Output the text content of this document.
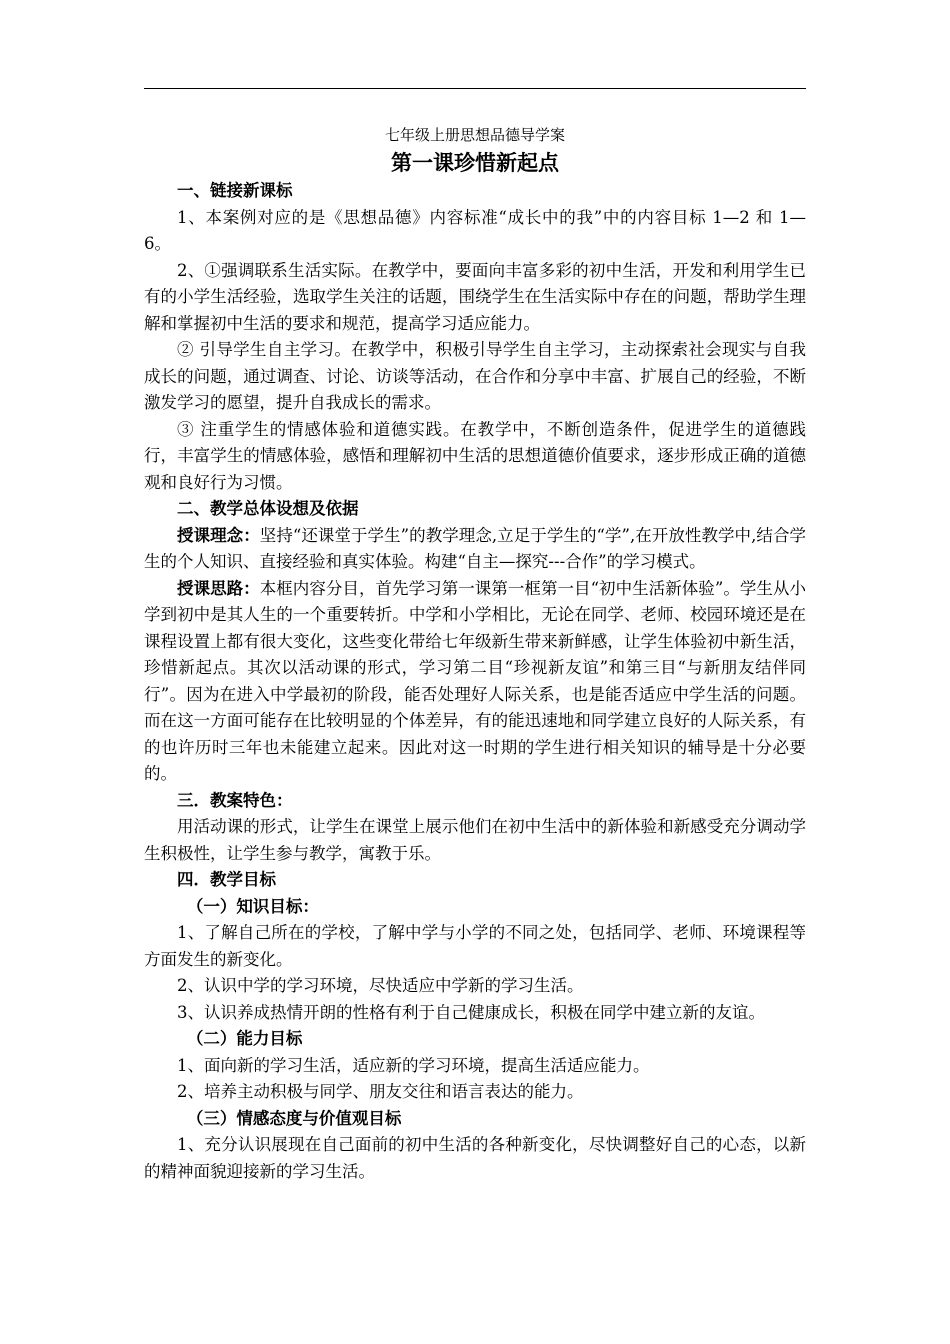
七年级上册思想品德导学案

第一课珍惜新起点

一、链接新课标

1、本案例对应的是《思想品德》内容标准“成长中的我”中的内容目标 1—2 和 1—6。

2、①强调联系生活实际。在教学中，要面向丰富多彩的初中生活，开发和利用学生已有的小学生活经验，选取学生关注的话题，围绕学生在生活实际中存在的问题，帮助学生理解和掌握初中生活的要求和规范，提高学习适应能力。

② 引导学生自主学习。在教学中，积极引导学生自主学习，主动探索社会现实与自我成长的问题，通过调查、讨论、访谈等活动，在合作和分享中丰富、扩展自己的经验，不断激发学习的愿望，提升自我成长的需求。

③ 注重学生的情感体验和道德实践。在教学中，不断创造条件，促进学生的道德践行，丰富学生的情感体验，感悟和理解初中生活的思想道德价值要求，逐步形成正确的道德观和良好行为习惯。

二、教学总体设想及依据

授课理念：坚持“还课堂于学生”的教学理念,立足于学生的“学”,在开放性教学中,结合学生的个人知识、直接经验和真实体验。构建“自主—探究---合作”的学习模式。

授课思路：本框内容分目，首先学习第一课第一框第一目“初中生活新体验”。学生从小学到初中是其人生的一个重要转折。中学和小学相比，无论在同学、老师、校园环境还是在课程设置上都有很大变化，这些变化带给七年级新生带来新鲜感，让学生体验初中新生活，珍惜新起点。其次以活动课的形式，学习第二目“珍视新友谊”和第三目“与新朋友结伴同行”。因为在进入中学最初的阶段，能否处理好人际关系，也是能否适应中学生活的问题。而在这一方面可能存在比较明显的个体差异，有的能迅速地和同学建立良好的人际关系，有的也许历时三年也未能建立起来。因此对这一时期的学生进行相关知识的辅导是十分必要的。

三．教案特色：

用活动课的形式，让学生在课堂上展示他们在初中生活中的新体验和新感受充分调动学生积极性，让学生参与教学，寓教于乐。

四．教学目标

（一）知识目标：

1、了解自己所在的学校，了解中学与小学的不同之处，包括同学、老师、环境课程等方面发生的新变化。

2、认识中学的学习环境，尽快适应中学新的学习生活。

3、认识养成热情开朗的性格有利于自己健康成长，积极在同学中建立新的友谊。

（二）能力目标

1、面向新的学习生活，适应新的学习环境，提高生活适应能力。

2、培养主动积极与同学、朋友交往和语言表达的能力。

（三）情感态度与价值观目标

1、充分认识展现在自己面前的初中生活的各种新变化，尽快调整好自己的心态，以新的精神面貌迎接新的学习生活。
